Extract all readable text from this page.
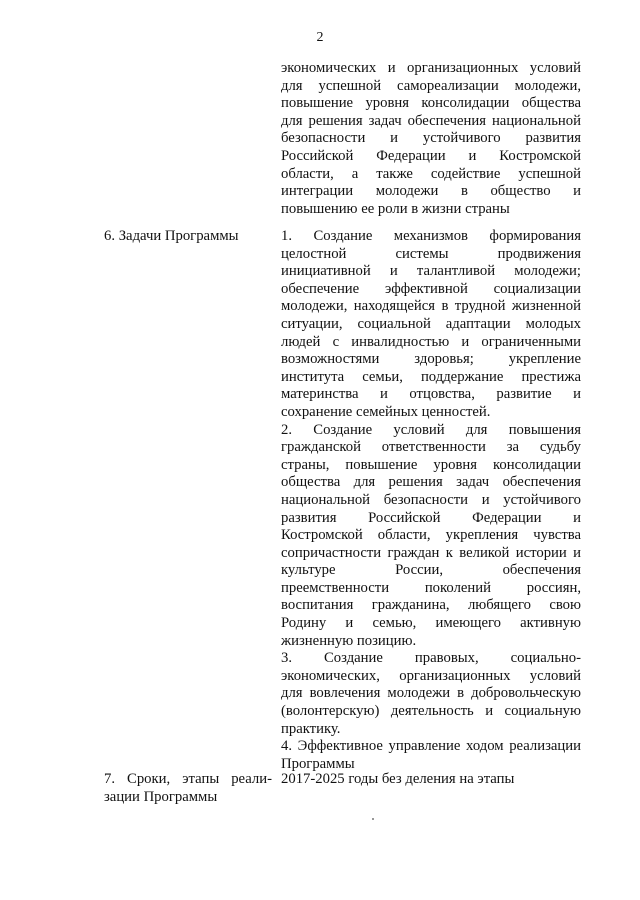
2
экономических и организационных условий
для успешной самореализации молодежи,
повышение уровня консолидации общества
для решения задач обеспечения национальной
безопасности и устойчивого развития
Российской Федерации и Костромской
области, а также содействие успешной
интеграции молодежи в общество и
повышению ее роли в жизни страны
6. Задачи Программы	1. Создание механизмов формирования
целостной системы продвижения
инициативной и талантливой молодежи;
обеспечение эффективной социализации
молодежи, находящейся в трудной жизненной
ситуации, социальной адаптации молодых
людей с инвалидностью и ограниченными
возможностями здоровья; укрепление
института семьи, поддержание престижа
материнства и отцовства, развитие и
сохранение семейных ценностей.
2. Создание условий для повышения
гражданской ответственности за судьбу
страны, повышение уровня консолидации
общества для решения задач обеспечения
национальной безопасности и устойчивого
развития Российской Федерации и
Костромской области, укрепления чувства
сопричастности граждан к великой истории и
культуре России, обеспечения
преемственности поколений россиян,
воспитания гражданина, любящего свою
Родину и семью, имеющего активную
жизненную позицию.
3. Создание правовых, социально-
экономических, организационных условий
для вовлечения молодежи в добровольческую
(волонтерскую) деятельность и социальную
практику.
4. Эффективное управление ходом реализации
Программы
7. Сроки, этапы реали-
зации Программы
2017-2025 годы без деления на этапы
